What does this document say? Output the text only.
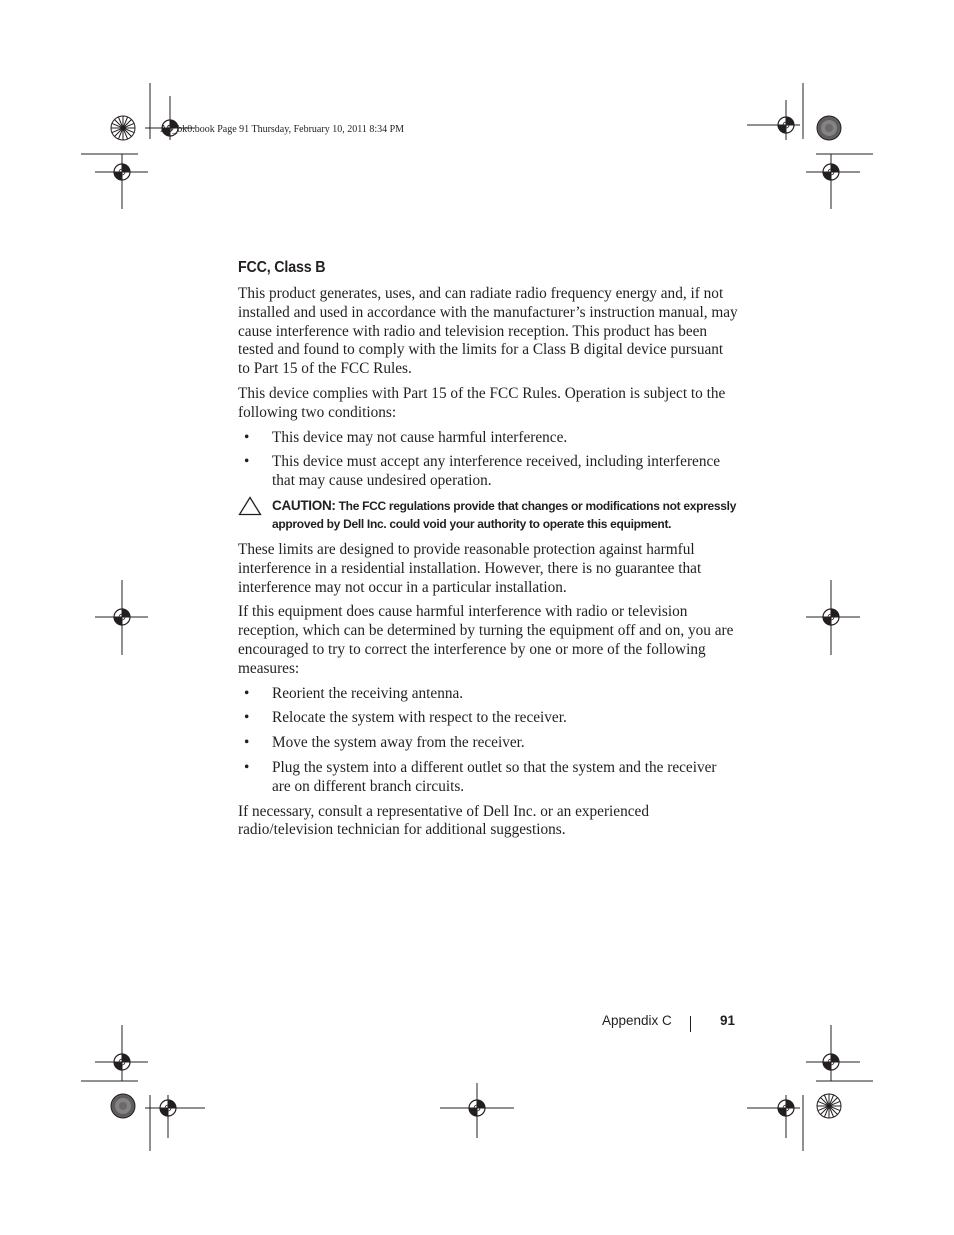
A5_bk0.book Page 91 Thursday, February 10, 2011 8:34 PM
FCC, Class B

This product generates, uses, and can radiate radio frequency energy and, if not installed and used in accordance with the manufacturer’s instruction manual, may cause interference with radio and television reception. This product has been tested and found to comply with the limits for a Class B digital device pursuant to Part 15 of the FCC Rules.

This device complies with Part 15 of the FCC Rules. Operation is subject to the following two conditions:

• This device may not cause harmful interference.
• This device must accept any interference received, including interference that may cause undesired operation.
CAUTION: The FCC regulations provide that changes or modifications not expressly approved by Dell Inc. could void your authority to operate this equipment.

These limits are designed to provide reasonable protection against harmful interference in a residential installation. However, there is no guarantee that interference may not occur in a particular installation.

If this equipment does cause harmful interference with radio or television reception, which can be determined by turning the equipment off and on, you are encouraged to try to correct the interference by one or more of the following measures:

• Reorient the receiving antenna.
• Relocate the system with respect to the receiver.
• Move the system away from the receiver.
• Plug the system into a different outlet so that the system and the receiver are on different branch circuits.

If necessary, consult a representative of Dell Inc. or an experienced radio/television technician for additional suggestions.

Appendix C	91
